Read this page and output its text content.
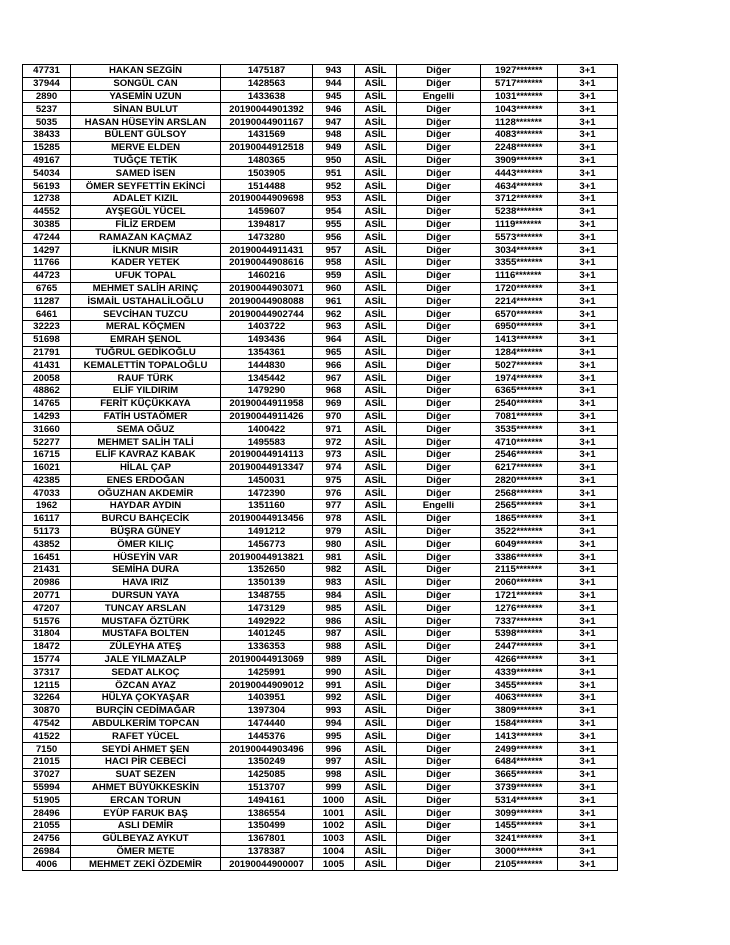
47731	HAKAN SEZGİN	1475187	943	ASİL	Diğer	1927*******	3+1
37944	SONGÜL CAN	1428563	944	ASİL	Diğer	5717*******	3+1
2890	YASEMİN UZUN	1433638	945	ASİL	Engelli	1031*******	3+1
5237	SİNAN BULUT	20190044901392	946	ASİL	Diğer	1043*******	3+1
5035	HASAN HÜSEYİN ARSLAN	20190044901167	947	ASİL	Diğer	1128*******	3+1
38433	BÜLENT GÜLSOY	1431569	948	ASİL	Diğer	4083*******	3+1
15285	MERVE ELDEN	20190044912518	949	ASİL	Diğer	2248*******	3+1
49167	TUĞÇE TETİK	1480365	950	ASİL	Diğer	3909*******	3+1
54034	SAMED İSEN	1503905	951	ASİL	Diğer	4443*******	3+1
56193	ÖMER SEYFETTİN EKİNCİ	1514488	952	ASİL	Diğer	4634*******	3+1
12738	ADALET KIZIL	20190044909698	953	ASİL	Diğer	3712*******	3+1
44552	AYŞEGÜL YÜCEL	1459607	954	ASİL	Diğer	5238*******	3+1
30385	FİLİZ ERDEM	1394817	955	ASİL	Diğer	1119*******	3+1
47244	RAMAZAN KAÇMAZ	1473280	956	ASİL	Diğer	5573*******	3+1
14297	İLKNUR MISIR	20190044911431	957	ASİL	Diğer	3034*******	3+1
11766	KADER YETEK	20190044908616	958	ASİL	Diğer	3355*******	3+1
44723	UFUK TOPAL	1460216	959	ASİL	Diğer	1116*******	3+1
6765	MEHMET SALİH ARINÇ	20190044903071	960	ASİL	Diğer	1720*******	3+1
11287	İSMAİL USTAHALİLOĞLU	20190044908088	961	ASİL	Diğer	2214*******	3+1
6461	SEVCİHAN TUZCU	20190044902744	962	ASİL	Diğer	6570*******	3+1
32223	MERAL KÖÇMEN	1403722	963	ASİL	Diğer	6950*******	3+1
51698	EMRAH ŞENOL	1493436	964	ASİL	Diğer	1413*******	3+1
21791	TUĞRUL GEDİKOĞLU	1354361	965	ASİL	Diğer	1284*******	3+1
41431	KEMALETTİN TOPALOĞLU	1444830	966	ASİL	Diğer	5027*******	3+1
20058	RAUF TÜRK	1345442	967	ASİL	Diğer	1974*******	3+1
48862	ELİF YILDIRIM	1479290	968	ASİL	Diğer	6365*******	3+1
14765	FERİT KÜÇÜKKAYA	20190044911958	969	ASİL	Diğer	2540*******	3+1
14293	FATİH USTAÖMER	20190044911426	970	ASİL	Diğer	7081*******	3+1
31660	SEMA OĞUZ	1400422	971	ASİL	Diğer	3535*******	3+1
52277	MEHMET SALİH TALİ	1495583	972	ASİL	Diğer	4710*******	3+1
16715	ELİF KAVRAZ KABAK	20190044914113	973	ASİL	Diğer	2546*******	3+1
16021	HİLAL ÇAP	20190044913347	974	ASİL	Diğer	6217*******	3+1
42385	ENES ERDOĞAN	1450031	975	ASİL	Diğer	2820*******	3+1
47033	OĞUZHAN AKDEMİR	1472390	976	ASİL	Diğer	2568*******	3+1
1962	HAYDAR AYDIN	1351160	977	ASİL	Engelli	2565*******	3+1
16117	BURCU BAHÇECİK	20190044913456	978	ASİL	Diğer	1865*******	3+1
51173	BÜŞRA GÜNEY	1491212	979	ASİL	Diğer	3522*******	3+1
43852	ÖMER KILIÇ	1456773	980	ASİL	Diğer	6049*******	3+1
16451	HÜSEYİN VAR	20190044913821	981	ASİL	Diğer	3386*******	3+1
21431	SEMİHA DURA	1352650	982	ASİL	Diğer	2115*******	3+1
20986	HAVA IRIZ	1350139	983	ASİL	Diğer	2060*******	3+1
20771	DURSUN YAYA	1348755	984	ASİL	Diğer	1721*******	3+1
47207	TUNCAY ARSLAN	1473129	985	ASİL	Diğer	1276*******	3+1
51576	MUSTAFA ÖZTÜRK	1492922	986	ASİL	Diğer	7337*******	3+1
31804	MUSTAFA BOLTEN	1401245	987	ASİL	Diğer	5398*******	3+1
18472	ZÜLEYHA ATEŞ	1336353	988	ASİL	Diğer	2447*******	3+1
15774	JALE YILMAZALP	20190044913069	989	ASİL	Diğer	4266*******	3+1
37317	SEDAT ALKOÇ	1425991	990	ASİL	Diğer	4339*******	3+1
12115	ÖZCAN AYAZ	20190044909012	991	ASİL	Diğer	3455*******	3+1
32264	HÜLYA ÇOKYAŞAR	1403951	992	ASİL	Diğer	4063*******	3+1
30870	BURÇİN CEDİMAĞAR	1397304	993	ASİL	Diğer	3809*******	3+1
47542	ABDULKERİM TOPCAN	1474440	994	ASİL	Diğer	1584*******	3+1
41522	RAFET YÜCEL	1445376	995	ASİL	Diğer	1413*******	3+1
7150	SEYDİ AHMET ŞEN	20190044903496	996	ASİL	Diğer	2499*******	3+1
21015	HACI PİR CEBECİ	1350249	997	ASİL	Diğer	6484*******	3+1
37027	SUAT SEZEN	1425085	998	ASİL	Diğer	3665*******	3+1
55994	AHMET BÜYÜKKESKİN	1513707	999	ASİL	Diğer	3739*******	3+1
51905	ERCAN TORUN	1494161	1000	ASİL	Diğer	5314*******	3+1
28496	EYÜP FARUK BAŞ	1386554	1001	ASİL	Diğer	3099*******	3+1
21055	ASLI DEMİR	1350499	1002	ASİL	Diğer	1455*******	3+1
24756	GÜLBEYAZ AYKUT	1367801	1003	ASİL	Diğer	3241*******	3+1
26984	ÖMER METE	1378387	1004	ASİL	Diğer	3000*******	3+1
4006	MEHMET ZEKİ ÖZDEMİR	20190044900007	1005	ASİL	Diğer	2105*******	3+1
